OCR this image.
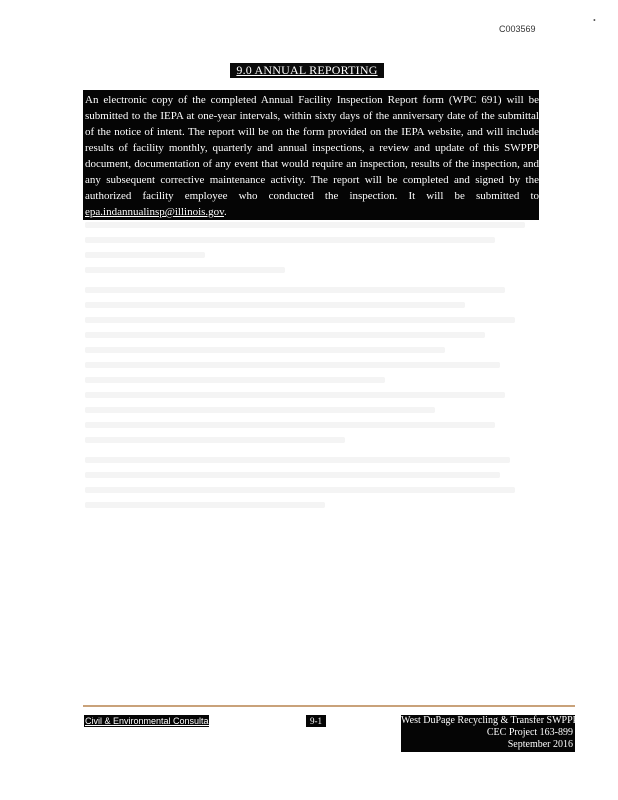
C003569
•
9.0 ANNUAL REPORTING
An electronic copy of the completed Annual Facility Inspection Report form (WPC 691) will be submitted to the IEPA at one-year intervals, within sixty days of the anniversary date of the submittal of the notice of intent. The report will be on the form provided on the IEPA website, and will include results of facility monthly, quarterly and annual inspections, a review and update of this SWPPP document, documentation of any event that would require an inspection, results of the inspection, and any subsequent corrective maintenance activity. The report will be completed and signed by the authorized facility employee who conducted the inspection. It will be submitted to epa.indannualinsp@illinois.gov.
Civil & Environmental Consultants, Inc.	9-1	West DuPage Recycling & Transfer SWPPP
CEC Project 163-899
September 2016
